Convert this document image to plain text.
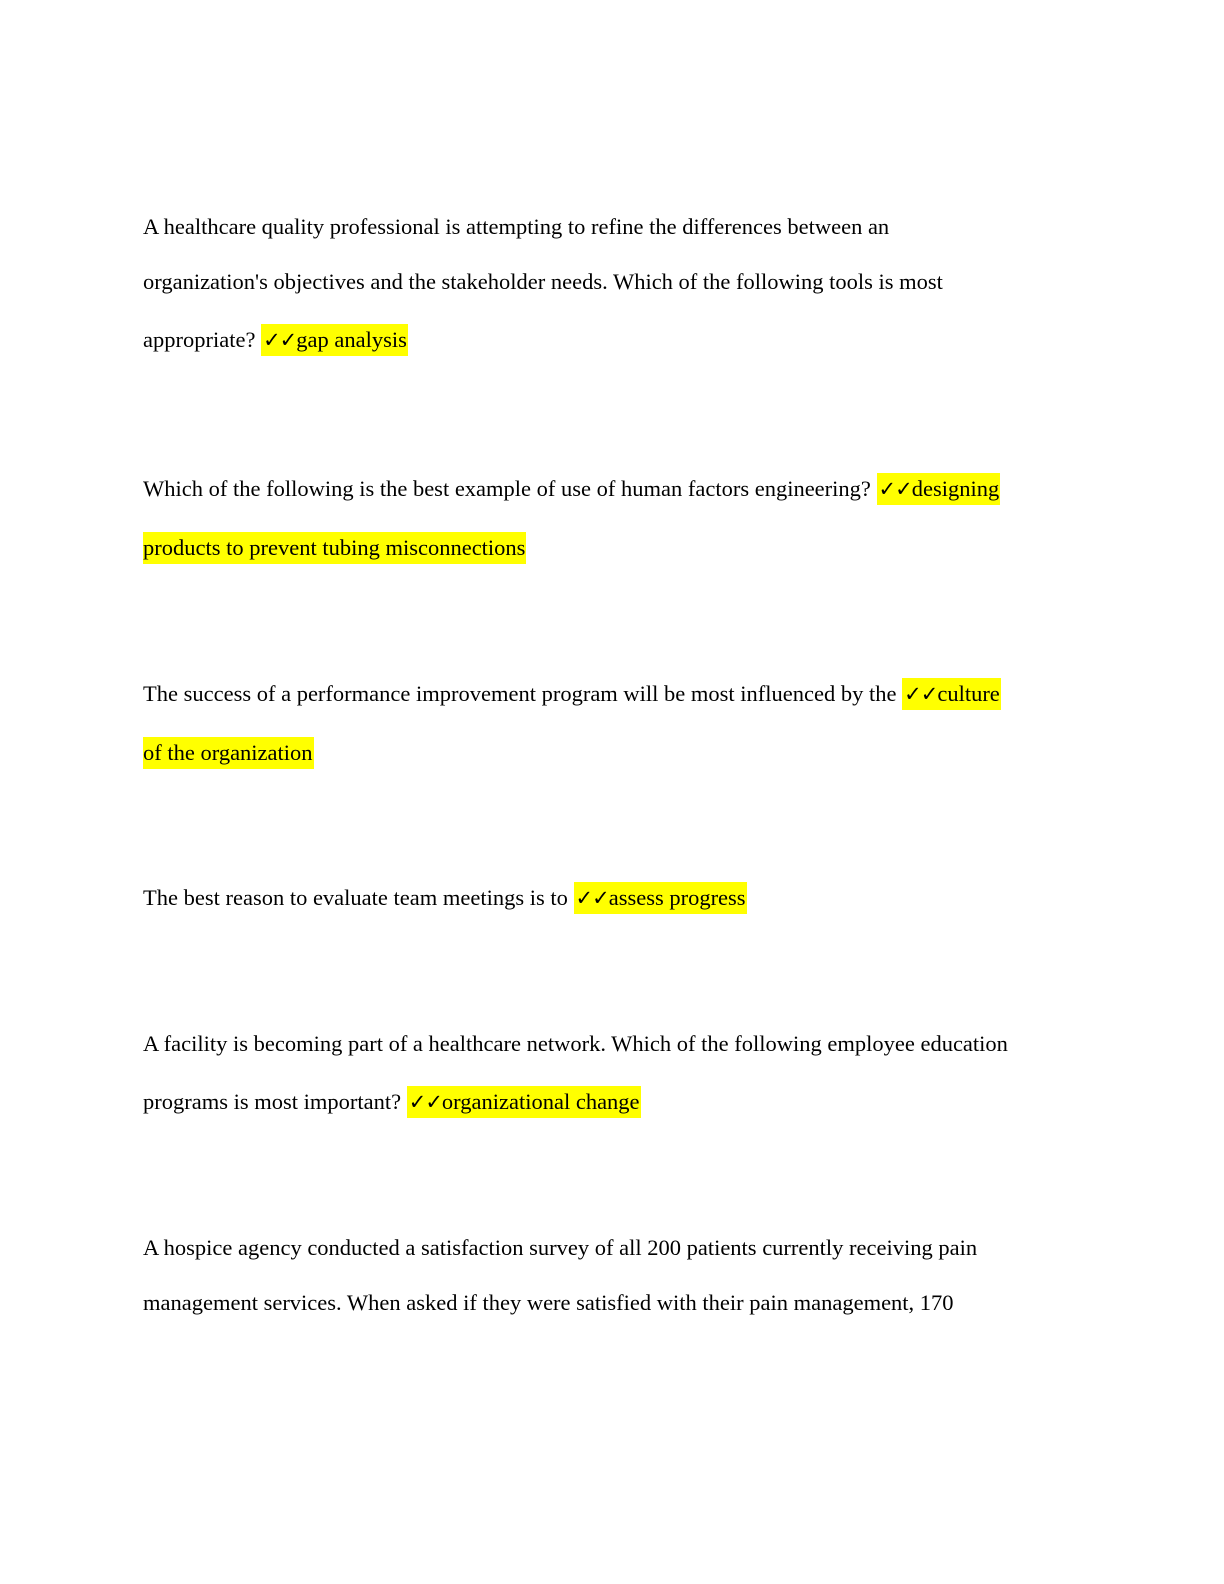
A healthcare quality professional is attempting to refine the differences between an
organization's objectives and the stakeholder needs. Which of the following tools is most
appropriate? ✓✓gap analysis
Which of the following is the best example of use of human factors engineering? ✓✓designing
products to prevent tubing misconnections
The success of a performance improvement program will be most influenced by the ✓✓culture
of the organization
The best reason to evaluate team meetings is to ✓✓assess progress
A facility is becoming part of a healthcare network. Which of the following employee education
programs is most important? ✓✓organizational change
A hospice agency conducted a satisfaction survey of all 200 patients currently receiving pain
management services. When asked if they were satisfied with their pain management, 170
